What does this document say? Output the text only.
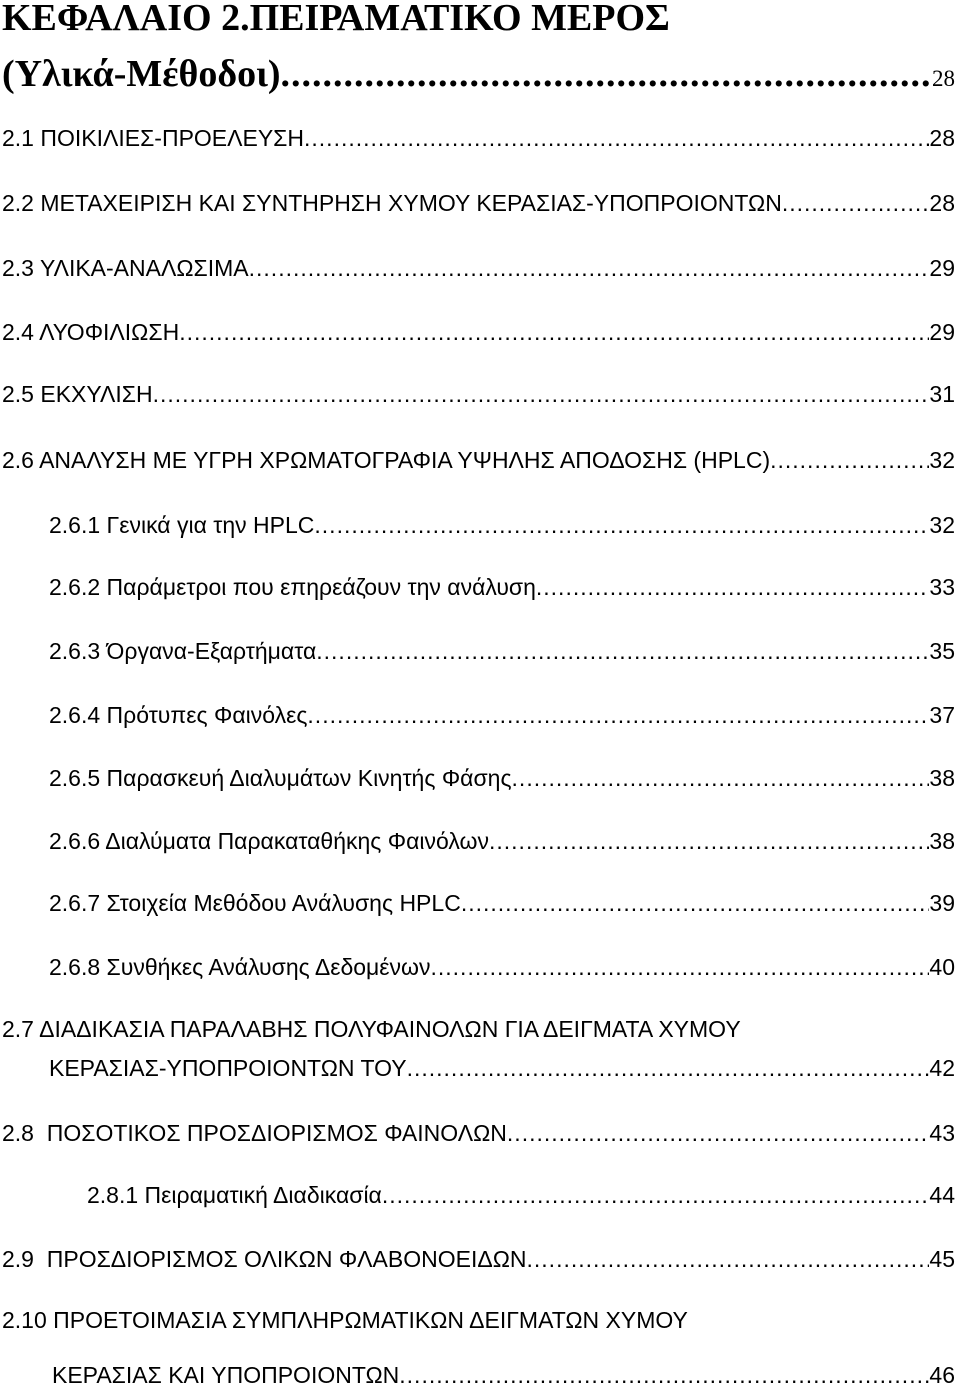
ΚΕΦΑΛΑΙΟ 2.ΠΕΙΡΑΜΑΤΙΚΟ ΜΕΡΟΣ
(Υλικά-Μέθοδοι) .....	28
2.1 ΠΟΙΚΙΛΙΕΣ-ΠΡΟΕΛΕΥΣΗ .....	28
2.2 ΜΕΤΑΧΕΙΡΙΣΗ ΚΑΙ ΣΥΝΤΗΡΗΣΗ ΧΥΜΟΥ ΚΕΡΑΣΙΑΣ-ΥΠΟΠΡΟΙΟΝΤΩΝ .....	28
2.3 ΥΛΙΚΑ-ΑΝΑΛΩΣΙΜΑ .....	29
2.4 ΛΥΟΦΙΛΙΩΣΗ .....	29
2.5 ΕΚΧΥΛΙΣΗ .....	31
2.6 ΑΝΑΛΥΣΗ ΜΕ ΥΓΡΗ ΧΡΩΜΑΤΟΓΡΑΦΙΑ ΥΨΗΛΗΣ ΑΠΟΔΟΣΗΣ (HPLC) .....	32
2.6.1 Γενικά για την HPLC .....	32
2.6.2 Παράμετροι που επηρεάζουν την ανάλυση .....	33
2.6.3 Όργανα-Εξαρτήματα .....	35
2.6.4 Πρότυπες Φαινόλες .....	37
2.6.5 Παρασκευή Διαλυμάτων Κινητής Φάσης .....	38
2.6.6 Διαλύματα Παρακαταθήκης Φαινόλων .....	38
2.6.7 Στοιχεία Μεθόδου Ανάλυσης HPLC .....	39
2.6.8 Συνθήκες Ανάλυσης Δεδομένων .....	40
2.7 ΔΙΑΔΙΚΑΣΙΑ ΠΑΡΑΛΑΒΗΣ ΠΟΛΥΦΑΙΝΟΛΩΝ ΓΙΑ ΔΕΙΓΜΑΤΑ ΧΥΜΟΥ
ΚΕΡΑΣΙΑΣ-ΥΠΟΠΡΟΙΟΝΤΩΝ ΤΟΥ .....	42
2.8  ΠΟΣΟΤΙΚΟΣ ΠΡΟΣΔΙΟΡΙΣΜΟΣ ΦΑΙΝΟΛΩΝ .....	43
2.8.1 Πειραματική Διαδικασία .....	44
2.9  ΠΡΟΣΔΙΟΡΙΣΜΟΣ ΟΛΙΚΩΝ ΦΛΑΒΟΝΟΕΙΔΩΝ .....	45
2.10 ΠΡΟΕΤΟΙΜΑΣΙΑ ΣΥΜΠΛΗΡΩΜΑΤΙΚΩΝ ΔΕΙΓΜΑΤΩΝ ΧΥΜΟΥ
ΚΕΡΑΣΙΑΣ ΚΑΙ ΥΠΟΠΡΟΙΟΝΤΩΝ .....	46
